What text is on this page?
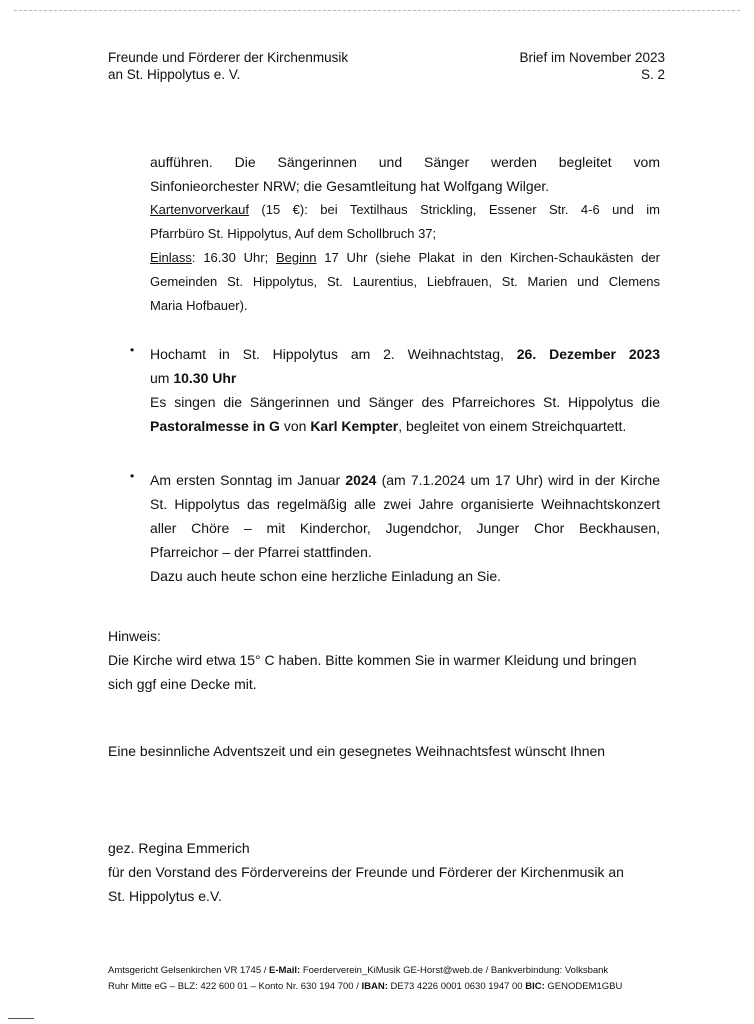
Freunde und Förderer der Kirchenmusik
an St. Hippolytus e. V.
Brief im November 2023
S. 2
aufführen. Die Sängerinnen und Sänger werden begleitet vom
Sinfonieorchester NRW; die Gesamtleitung hat Wolfgang Wilger.
Kartenvorverkauf (15 €): bei Textilhaus Strickling, Essener Str. 4-6 und im
Pfarrbüro St. Hippolytus, Auf dem Schollbruch 37;
Einlass: 16.30 Uhr; Beginn 17 Uhr (siehe Plakat in den Kirchen-Schaukästen der
Gemeinden St. Hippolytus, St. Laurentius, Liebfrauen, St. Marien und Clemens
Maria Hofbauer).
• Hochamt in St. Hippolytus am 2. Weihnachtstag, 26. Dezember 2023
um 10.30 Uhr
Es singen die Sängerinnen und Sänger des Pfarreichores St. Hippolytus die
Pastoralmesse in G von Karl Kempter, begleitet von einem Streichquartett.
• Am ersten Sonntag im Januar 2024 (am 7.1.2024 um 17 Uhr) wird in der Kirche
St. Hippolytus das regelmäßig alle zwei Jahre organisierte Weihnachtskonzert
aller Chöre – mit Kinderchor, Jugendchor, Junger Chor Beckhausen,
Pfarreichor – der Pfarrei stattfinden.
Dazu auch heute schon eine herzliche Einladung an Sie.
Hinweis:
Die Kirche wird etwa 15° C haben. Bitte kommen Sie in warmer Kleidung und bringen
sich ggf eine Decke mit.
Eine besinnliche Adventszeit und ein gesegnetes Weihnachtsfest wünscht Ihnen
gez. Regina Emmerich
für den Vorstand des Fördervereins der Freunde und Förderer der Kirchenmusik an
St. Hippolytus e.V.
Amtsgericht Gelsenkirchen VR 1745 / E-Mail: Foerderverein_KiMusik GE-Horst@web.de / Bankverbindung: Volksbank
Ruhr Mitte eG – BLZ: 422 600 01 – Konto Nr. 630 194 700 / IBAN: DE73 4226 0001 0630 1947 00 BIC: GENODEM1GBU
